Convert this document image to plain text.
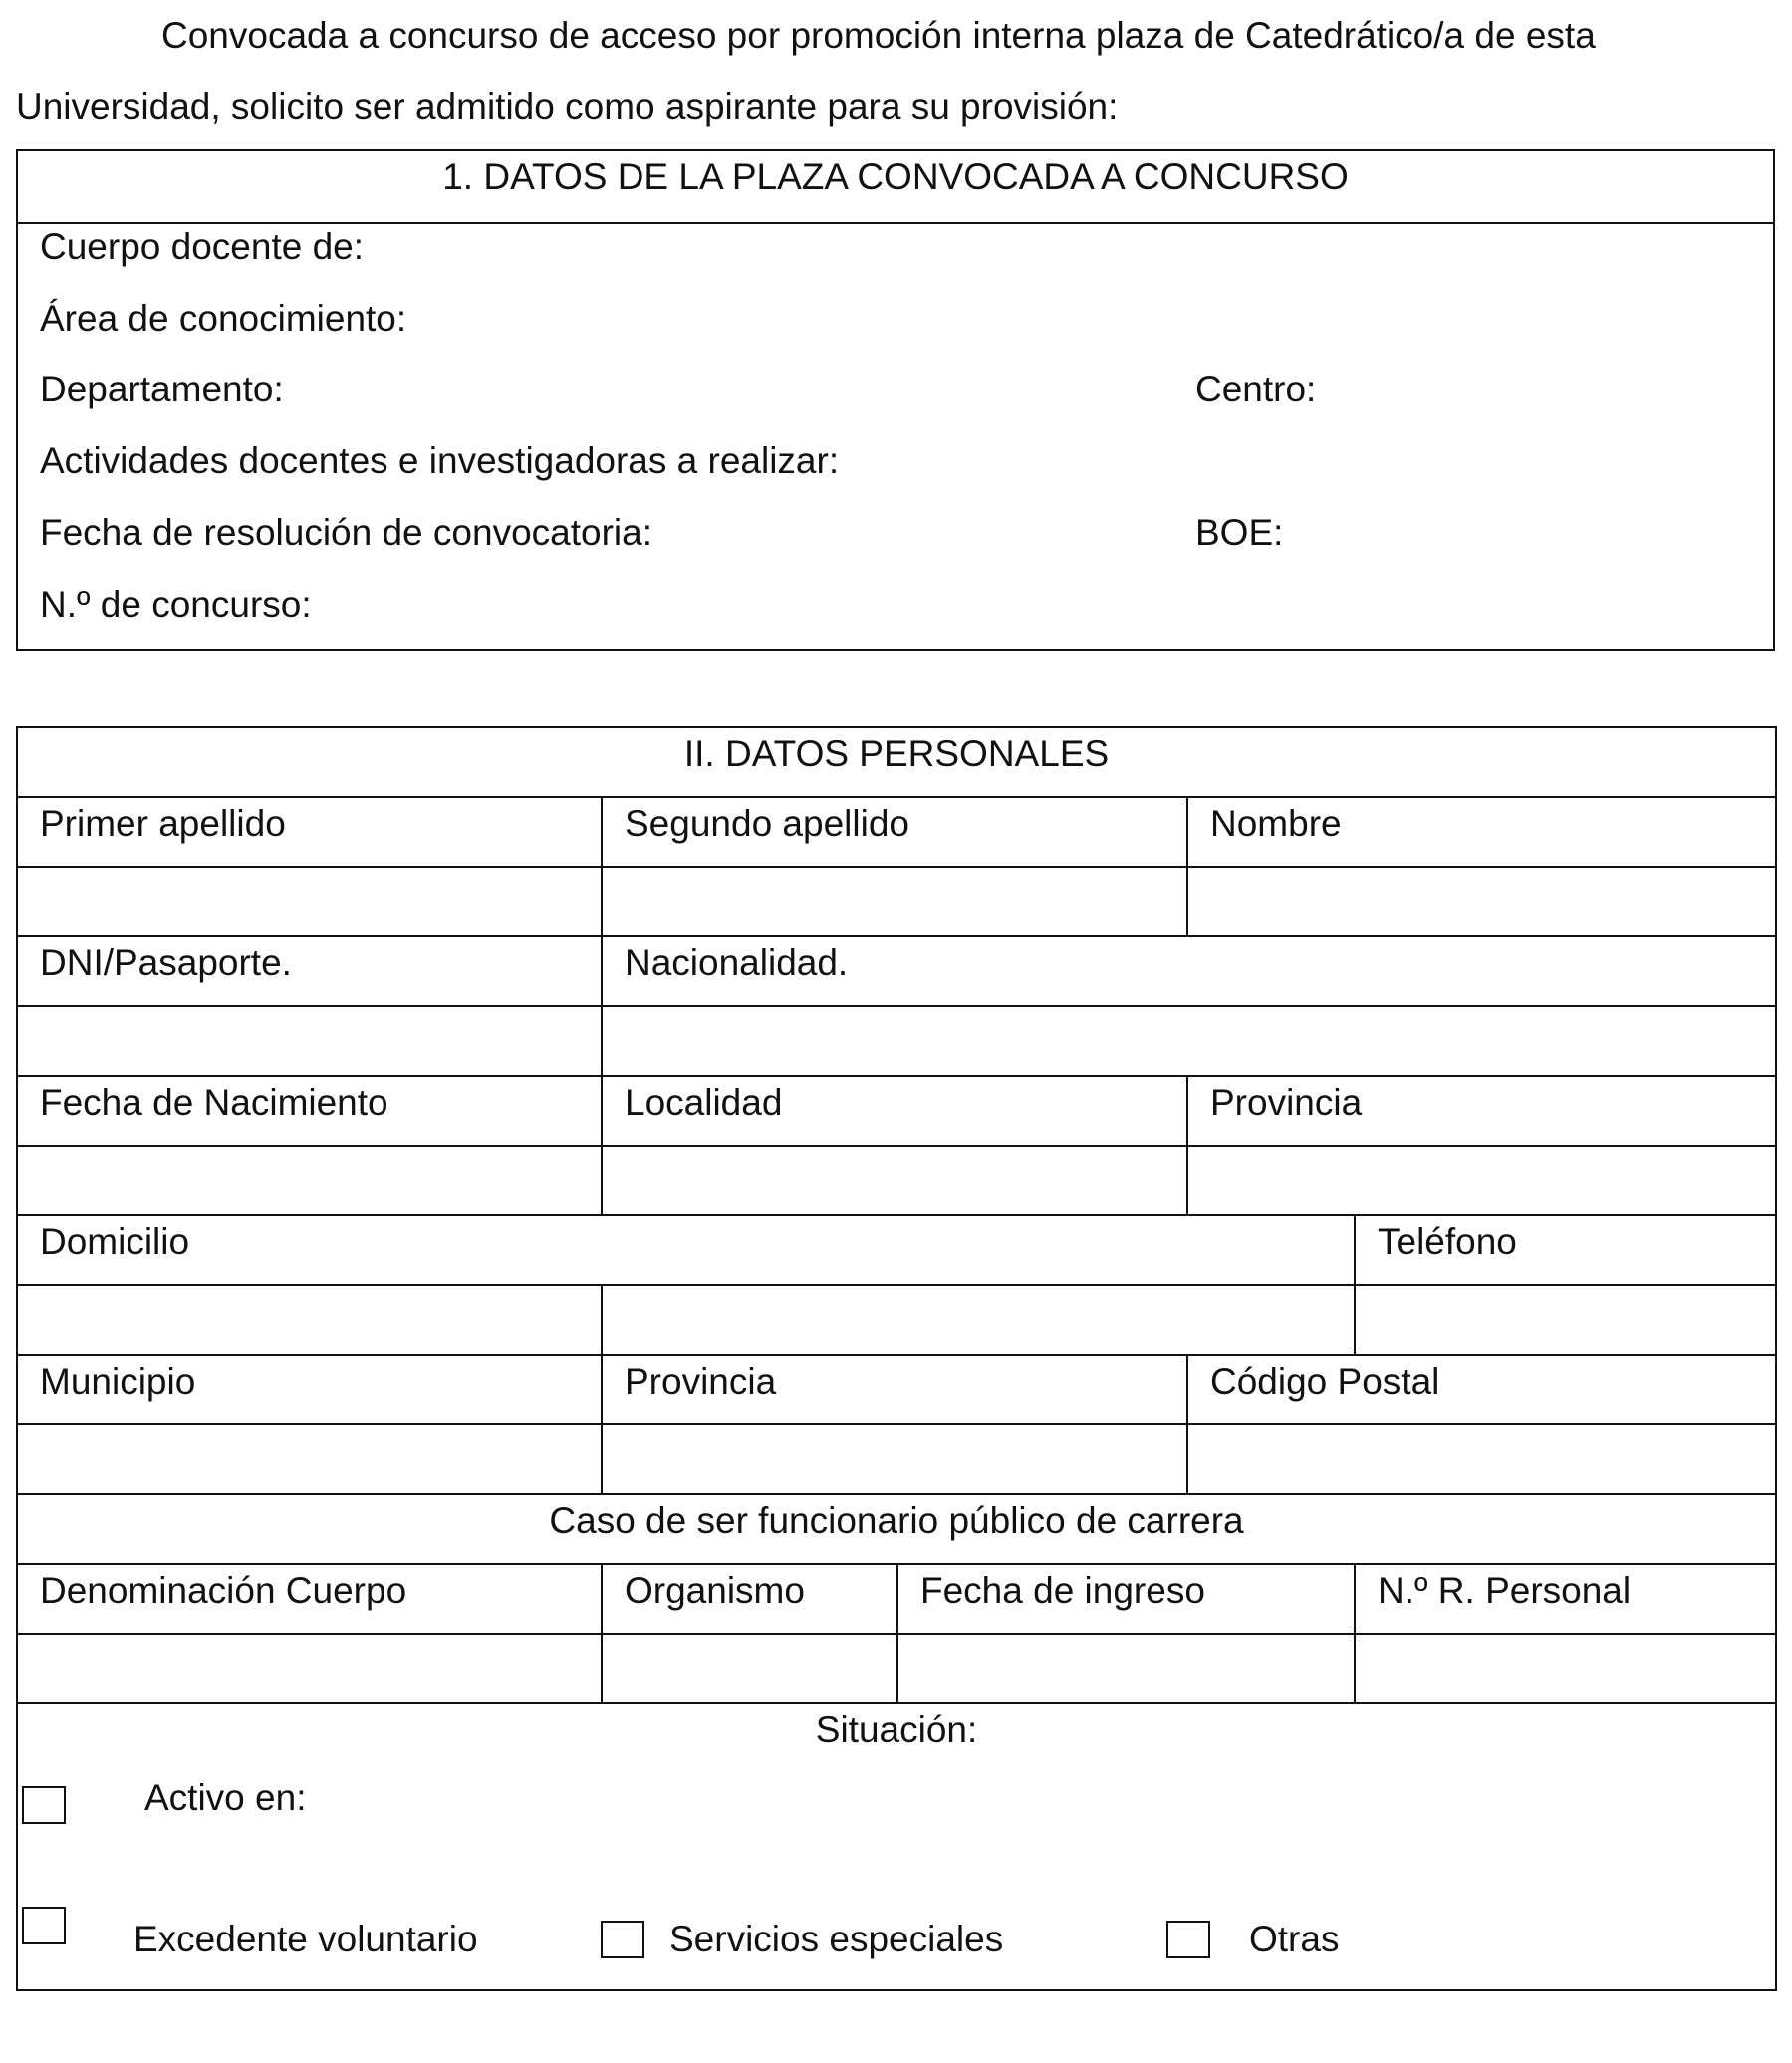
Convocada a concurso de acceso por promoción interna plaza de Catedrático/a de esta
Universidad, solicito ser admitido como aspirante para su provisión:
1. DATOS DE LA PLAZA CONVOCADA A CONCURSO
Cuerpo docente de:
Área de conocimiento:
Departamento:	Centro:
Actividades docentes e investigadoras a realizar:
Fecha de resolución de convocatoria:	BOE:
N.º de concurso:
II. DATOS PERSONALES				
Primer apellido	Segundo apellido		Nombre	

DNI/Pasaporte.	Nacionalidad.			

Fecha de Nacimiento	Localidad		Provincia	

Domicilio				Teléfono

Municipio	Provincia		Código Postal	

Caso de ser funcionario público de carrera				
Denominación Cuerpo	Organismo	Fecha de ingreso		N.º R. Personal

Situación:
Activo en:
Excedente voluntario Servicios especiales Otras				
